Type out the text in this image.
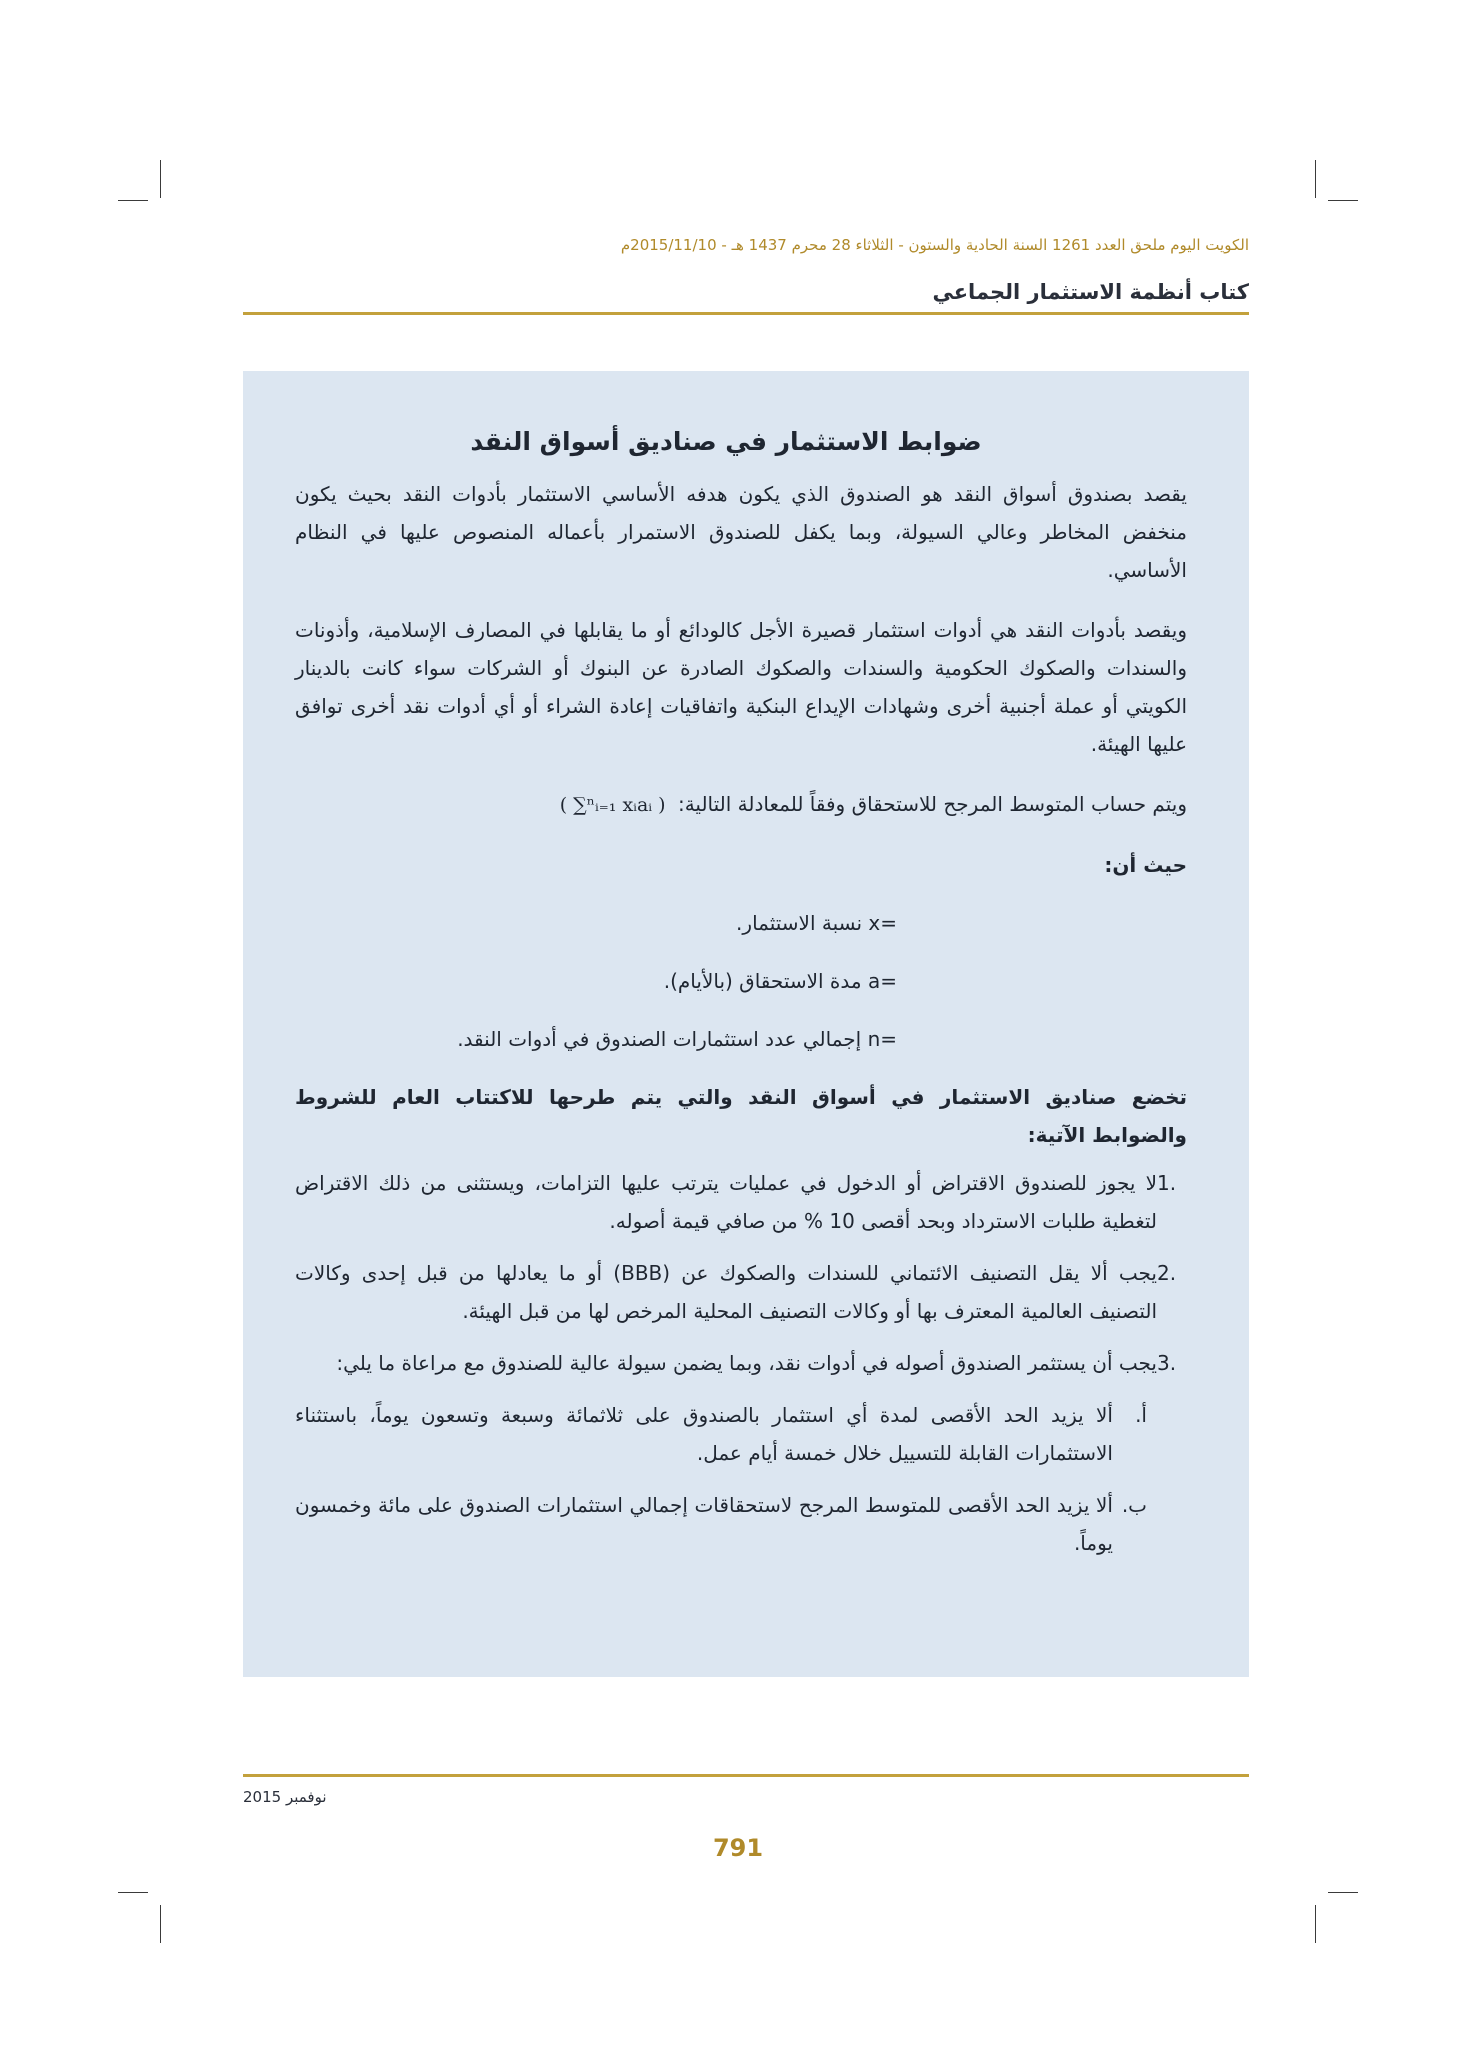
الكويت اليوم ملحق العدد 1261 السنة الحادية والستون - الثلاثاء 28 محرم 1437 هـ - 2015/11/10م
كتاب أنظمة الاستثمار الجماعي
ضوابط الاستثمار في صناديق أسواق النقد

يقصد بصندوق أسواق النقد هو الصندوق الذي يكون هدفه الأساسي الاستثمار بأدوات النقد بحيث يكون منخفض المخاطر وعالي السيولة، وبما يكفل للصندوق الاستمرار بأعماله المنصوص عليها في النظام الأساسي.

ويقصد بأدوات النقد هي أدوات استثمار قصيرة الأجل كالودائع أو ما يقابلها في المصارف الإسلامية، وأذونات والسندات والصكوك الحكومية والسندات والصكوك الصادرة عن البنوك أو الشركات سواء كانت بالدينار الكويتي أو عملة أجنبية أخرى وشهادات الإيداع البنكية واتفاقيات إعادة الشراء أو أي أدوات نقد أخرى توافق عليها الهيئة.

ويتم حساب المتوسط المرجح للاستحقاق وفقاً للمعادلة التالية: ( ∑ⁿᵢ₌₁ xᵢaᵢ )
حيث أن:
x= نسبة الاستثمار.
a= مدة الاستحقاق (بالأيام).
n= إجمالي عدد استثمارات الصندوق في أدوات النقد.
تخضع صناديق الاستثمار في أسواق النقد والتي يتم طرحها للاكتتاب العام للشروط والضوابط الآتية:
1.
لا يجوز للصندوق الاقتراض أو الدخول في عمليات يترتب عليها التزامات، ويستثنى من ذلك الاقتراض لتغطية طلبات الاسترداد وبحد أقصى 10 % من صافي قيمة أصوله.
2.
يجب ألا يقل التصنيف الائتماني للسندات والصكوك عن (BBB) أو ما يعادلها من قبل إحدى وكالات التصنيف العالمية المعترف بها أو وكالات التصنيف المحلية المرخص لها من قبل الهيئة.
3.
يجب أن يستثمر الصندوق أصوله في أدوات نقد، وبما يضمن سيولة عالية للصندوق مع مراعاة ما يلي:
أ.
ألا يزيد الحد الأقصى لمدة أي استثمار بالصندوق على ثلاثمائة وسبعة وتسعون يوماً، باستثناء الاستثمارات القابلة للتسييل خلال خمسة أيام عمل.
ب.
ألا يزيد الحد الأقصى للمتوسط المرجح لاستحقاقات إجمالي استثمارات الصندوق على مائة وخمسون يوماً.
نوفمبر 2015
791
